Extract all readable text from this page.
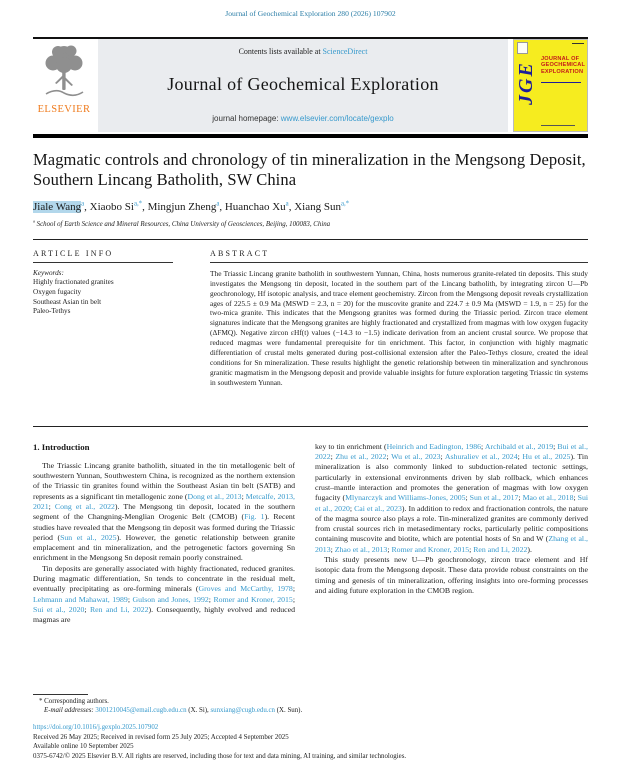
Journal of Geochemical Exploration 280 (2026) 107902
ELSEVIER
Contents lists available at ScienceDirect
Journal of Geochemical Exploration
journal homepage: www.elsevier.com/locate/gexplo
JGE
JOURNAL OF
GEOCHEMICAL
EXPLORATION
Magmatic controls and chronology of tin mineralization in the Mengsong Deposit, Southern Lincang Batholith, SW China
Jiale Wang$^a$, Xiaobo $Si^{a,*}$, Mingjun Zheng$^a$, Huanchao Xu$^a$, Xiang Sun$^{a,*}$
$^a$ School of Earth Science and Mineral Resources, China University of Geosciences, Beijing, 100083, China
ARTICLE INFO
Keywords:
Highly fractionated granites
Oxygen fugacity
Southeast Asian tin belt
Paleo-Tethys
ABSTRACT
The Triassic Lincang granite batholith in southwestern Yunnan, China, hosts numerous granite-related tin deposits. This study investigates the Mengsong tin deposit, located in the southern part of the Lincang batholith, by integrating zircon U—Pb geochronology, Hf isotopic analysis, and trace element geochemistry. Zircon from the Mengsong deposit reveals crystallization ages of 225.5 ± 0.9 Ma (MSWD = 2.3, n = 20) for the muscovite granite and 224.7 ± 0.9 Ma (MSWD = 1.9, n = 25) for the two-mica granite. This indicates that the Mengsong granites was formed during the Triassic period. Zircon trace element signatures indicate that the Mengsong granites are highly fractionated and crystallized from magmas with low oxygen fugacity (ΔFMQ). Negative zircon εHf(t) values (−14.3 to −1.5) indicate derivation from an ancient crustal source. We propose that reduced magmas were fundamental prerequisite for tin enrichment. This factor, in conjunction with highly magmatic differentiation of crustal melts generated during post-collisional extension after the Paleo-Tethys closure, created the ideal conditions for Sn mineralization. These results highlight the genetic relationship between tin mineralization and synchronous granitic magmatism in the Mengsong deposit and provide valuable insights for future exploration targeting Triassic tin systems in southwestern Yunnan.
1. Introduction

The Triassic Lincang granite batholith, situated in the tin metallogenic belt of southwestern Yunnan, Southwestern China, is recognized as the northern extension of the Triassic tin granites found within the Southeast Asian tin belt (SATB) and represents as a significant tin metallogenic zone (Dong et al., 2013; Metcalfe, 2013, 2021; Cong et al., 2022). The Mengsong tin deposit, located in the southern segment of the Changning-Menglian Orogenic Belt (CMOB) (Fig. 1). Recent studies have revealed that the Mengsong tin deposit was formed during the Triassic period (Sun et al., 2025). However, the genetic relationship between granite emplacement and tin mineralization, and the petrogenetic factors governing Sn enrichment in the Mengsong Sn deposit remain poorly constrained.

Tin deposits are generally associated with highly fractionated, reduced granites. During magmatic differentiation, Sn tends to concentrate in the residual melt, eventually precipitating as ore-forming minerals (Groves and McCarthy, 1978; Lehmann and Mahawat, 1989; Gulson and Jones, 1992; Romer and Kroner, 2015; Sui et al., 2020; Ren and Li, 2022). Consequently, highly evolved and reduced magmas are

key to tin enrichment (Heinrich and Eadington, 1986; Archibald et al., 2019; Bui et al., 2022; Zhu et al., 2022; Wu et al., 2023; Ashuraliev et al., 2024; Hu et al., 2025). Tin mineralization is also commonly linked to subduction-related tectonic settings, particularly in extensional environments driven by slab rollback, which enhances crust–mantle interaction and promotes the generation of magmas with low oxygen fugacity (Mlynarczyk and Williams-Jones, 2005; Sun et al., 2017; Mao et al., 2018; Sui et al., 2020; Cai et al., 2023). In addition to redox and fractionation controls, the nature of the magma source also plays a role. Tin-mineralized granites are commonly derived from crustal sources rich in metasedimentary rocks, particularly pelitic compositions containing muscovite and biotite, which are potential hosts of Sn and W (Zhang et al., 2013; Zhao et al., 2013; Romer and Kroner, 2015; Ren and Li, 2022).

This study presents new U—Pb geochronology, zircon trace element and Hf isotopic data from the Mengsong deposit. These data provide robust constraints on the timing and genesis of tin mineralization, offering insights into ore-forming processes and aiding future exploration in the CMOB region.

* Corresponding authors.
E-mail addresses: 3001210045@email.cugb.edu.cn (X. Si), sunxiang@cugb.edu.cn (X. Sun).
https://doi.org/10.1016/j.gexplo.2025.107902
Received 26 May 2025; Received in revised form 25 July 2025; Accepted 4 September 2025
Available online 10 September 2025
0375-6742/© 2025 Elsevier B.V. All rights are reserved, including those for text and data mining, AI training, and similar technologies.
